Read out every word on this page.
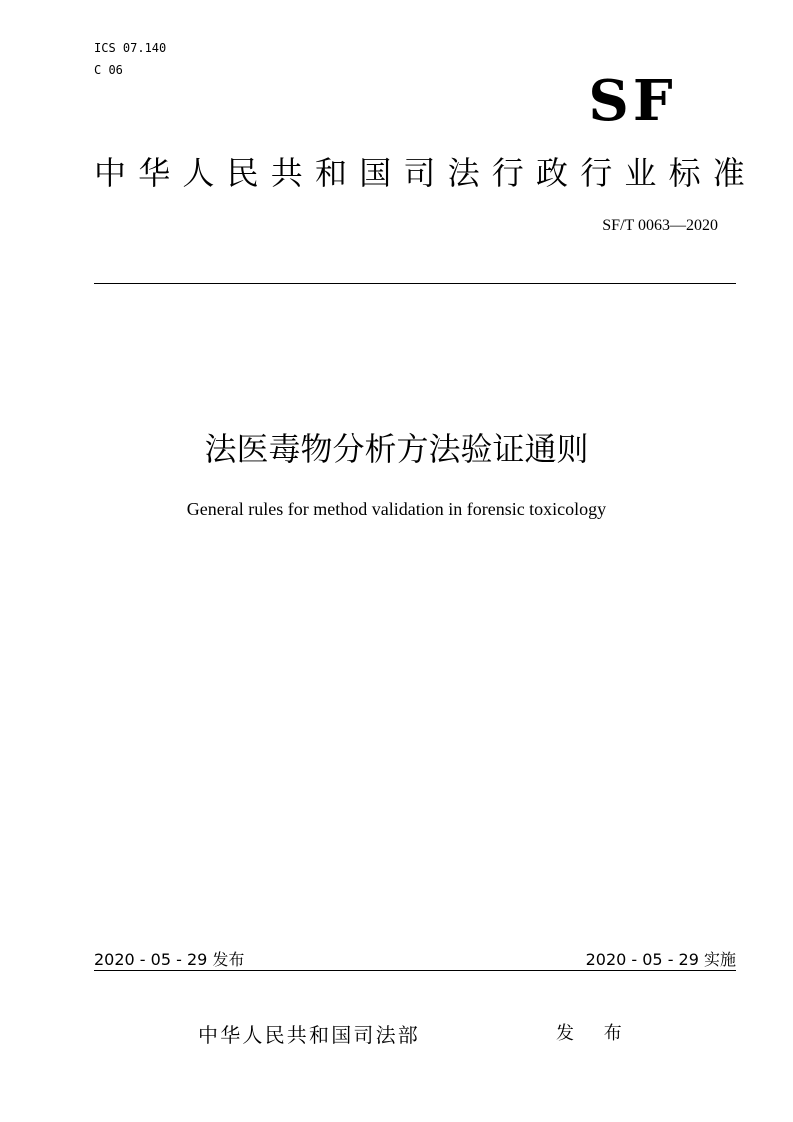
ICS 07.140
C 06	SF
中华人民共和国司法行政行业标准
SF/T 0063—2020
法医毒物分析方法验证通则
General rules for method validation in forensic toxicology
2020 - 05 - 29 发布	2020 - 05 - 29 实施
中华人民共和国司法部	发 布
